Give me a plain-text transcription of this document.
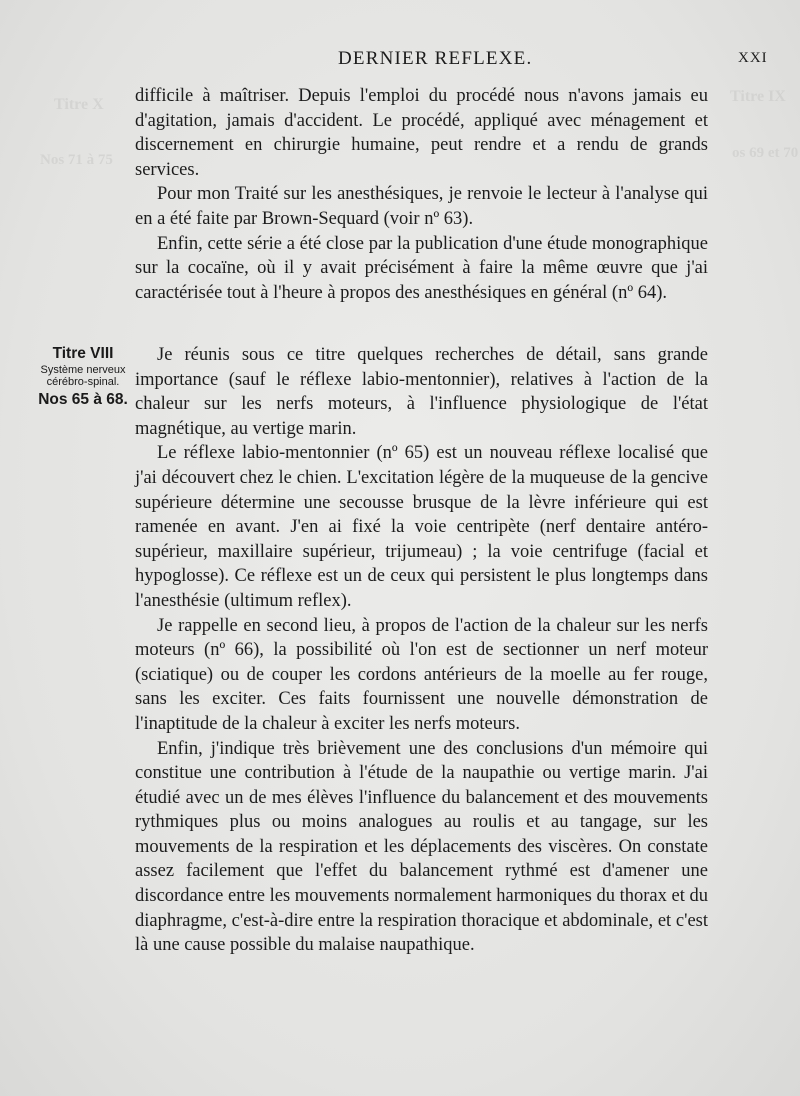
Titre X
Nos 71 à 75
Titre IX
os 69 et 70
DERNIER REFLEXE.	XXI

difficile à maîtriser. Depuis l'emploi du procédé nous n'avons jamais eu d'agitation, jamais d'accident. Le procédé, appliqué avec ménagement et discernement en chirurgie humaine, peut rendre et a rendu de grands services.

Pour mon Traité sur les anesthésiques, je renvoie le lecteur à l'analyse qui en a été faite par Brown-Sequard (voir nº 63).

Enfin, cette série a été close par la publication d'une étude monographique sur la cocaïne, où il y avait précisément à faire la même œuvre que j'ai caractérisée tout à l'heure à propos des anesthésiques en général (nº 64).

Titre VIII
Système nerveux cérébro-spinal.
Nos 65 à 68.

Je réunis sous ce titre quelques recherches de détail, sans grande importance (sauf le réflexe labio-mentonnier), relatives à l'action de la chaleur sur les nerfs moteurs, à l'influence physiologique de l'état magnétique, au vertige marin.

Le réflexe labio-mentonnier (nº 65) est un nouveau réflexe localisé que j'ai découvert chez le chien. L'excitation légère de la muqueuse de la gencive supérieure détermine une secousse brusque de la lèvre inférieure qui est ramenée en avant. J'en ai fixé la voie centripète (nerf dentaire antéro-supérieur, maxillaire supérieur, trijumeau) ; la voie centrifuge (facial et hypoglosse). Ce réflexe est un de ceux qui persistent le plus longtemps dans l'anesthésie (ultimum reflex).

Je rappelle en second lieu, à propos de l'action de la chaleur sur les nerfs moteurs (nº 66), la possibilité où l'on est de sectionner un nerf moteur (sciatique) ou de couper les cordons antérieurs de la moelle au fer rouge, sans les exciter. Ces faits fournissent une nouvelle démonstration de l'inaptitude de la chaleur à exciter les nerfs moteurs.

Enfin, j'indique très brièvement une des conclusions d'un mémoire qui constitue une contribution à l'étude de la naupathie ou vertige marin. J'ai étudié avec un de mes élèves l'influence du balancement et des mouvements rythmiques plus ou moins analogues au roulis et au tangage, sur les mouvements de la respiration et les déplacements des viscères. On constate assez facilement que l'effet du balancement rythmé est d'amener une discordance entre les mouvements normalement harmoniques du thorax et du diaphragme, c'est-à-dire entre la respiration thoracique et abdominale, et c'est là une cause possible du malaise naupathique.
